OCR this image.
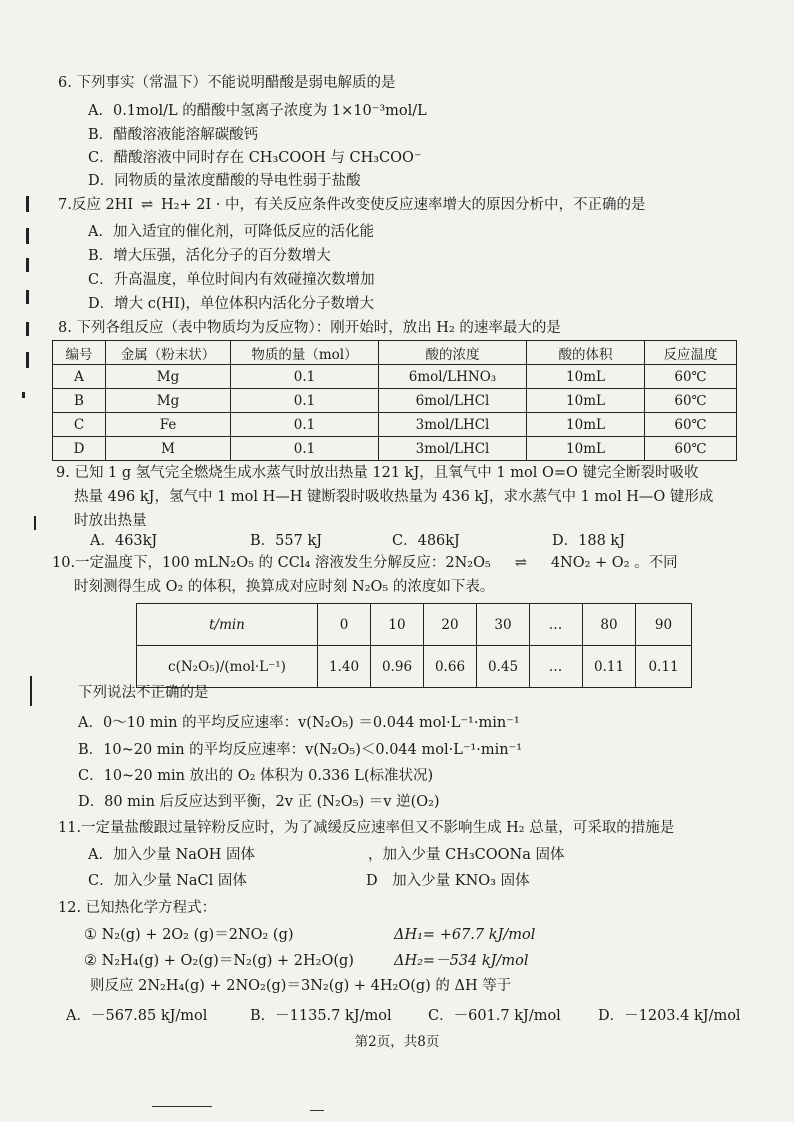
6. 下列事实（常温下）不能说明醋酸是弱电解质的是
A．0.1mol/L 的醋酸中氢离子浓度为 1×10⁻³mol/L
B．醋酸溶液能溶解碳酸钙
C．醋酸溶液中同时存在 CH₃COOH 与 CH₃COO⁻
D．同物质的量浓度醋酸的导电性弱于盐酸
7.反应 2HI ⇌ H₂+ 2I · 中，有关反应条件改变使反应速率增大的原因分析中，不正确的是
A．加入适宜的催化剂，可降低反应的活化能
B．增大压强，活化分子的百分数增大
C．升高温度，单位时间内有效碰撞次数增加
D．增大 c(HI)，单位体积内活化分子数增大
8. 下列各组反应（表中物质均为反应物）：刚开始时，放出 H₂ 的速率最大的是
编号	金属（粉末状）	物质的量（mol）	酸的浓度	酸的体积	反应温度
A	Mg	0.1	6mol/LHNO₃	10mL	60℃
B	Mg	0.1	6mol/LHCl	10mL	60℃
C	Fe	0.1	3mol/LHCl	10mL	60℃
D	M	0.1	3mol/LHCl	10mL	60℃
9. 已知 1 g 氢气完全燃烧生成水蒸气时放出热量 121 kJ，且氧气中 1 mol O=O 键完全断裂时吸收
热量 496 kJ，氢气中 1 mol H—H 键断裂时吸收热量为 436 kJ，求水蒸气中 1 mol H—O 键形成
时放出热量
A．463kJ	B．557 kJ	C．486kJ	D．188 kJ
10.一定温度下，100 mLN₂O₅ 的 CCl₄ 溶液发生分解反应：2N₂O₅ ⇌ 4NO₂ + O₂ 。不同
时刻测得生成 O₂ 的体积，换算成对应时刻 N₂O₅ 的浓度如下表。
t/min	0	10	20	30	…	80	90
c(N₂O₅)/(mol·L⁻¹)	1.40	0.96	0.66	0.45	…	0.11	0.11
下列说法不正确的是
A．0～10 min 的平均反应速率：v(N₂O₅) ＝0.044 mol·L⁻¹·min⁻¹
B．10~20 min 的平均反应速率：v(N₂O₅)＜0.044 mol·L⁻¹·min⁻¹
C．10~20 min 放出的 O₂ 体积为 0.336 L(标准状况)
D．80 min 后反应达到平衡，2v 正 (N₂O₅) ＝v 逆(O₂)
11.一定量盐酸跟过量锌粉反应时，为了减缓反应速率但又不影响生成 H₂ 总量，可采取的措施是
A．加入少量 NaOH 固体	，加入少量 CH₃COONa 固体
C．加入少量 NaCl 固体	D　加入少量 KNO₃ 固体
12. 已知热化学方程式：
① N₂(g) + 2O₂ (g)＝2NO₂ (g)	ΔH₁= +67.7 kJ/mol
② N₂H₄(g) + O₂(g)＝N₂(g) + 2H₂O(g)	ΔH₂=－534 kJ/mol
则反应 2N₂H₄(g) + 2NO₂(g)＝3N₂(g) + 4H₂O(g) 的 ΔH 等于
A．－567.85 kJ/mol	B．－1135.7 kJ/mol	C．－601.7 kJ/mol	D．－1203.4 kJ/mol
第2页，共8页
